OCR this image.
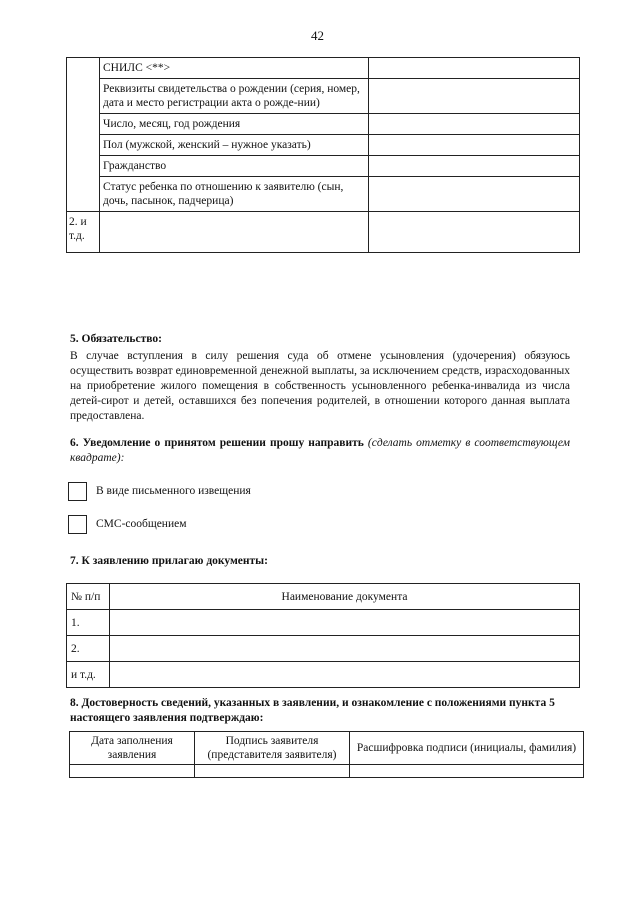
42
	СНИЛС <**>	
	Реквизиты свидетельства о рождении (серия, номер, дата и место регистрации акта о рожде-нии)	
	Число, месяц, год рождения	
	Пол (мужской, женский – нужное указать)	
	Гражданство	
	Статус ребенка по отношению к заявителю (сын, дочь, пасынок, падчерица)	
2. и т.д.		
5. Обязательство:
В случае вступления в силу решения суда об отмене усыновления (удочерения) обязуюсь осуществить возврат единовременной денежной выплаты, за исключением средств, израсходованных на приобретение жилого помещения в собственность усыновленного ребенка-инвалида из числа детей-сирот и детей, оставшихся без попечения родителей, в отношении которого данная выплата предоставлена.
6. Уведомление о принятом решении прошу направить (сделать отметку в соответствующем квадрате):
В виде письменного извещения
СМС-сообщением
7. К заявлению прилагаю документы:
№ п/п	Наименование документа
1.	
2.	
и т.д.	
8. Достоверность сведений, указанных в заявлении, и ознакомление с положениями пункта 5 настоящего заявления подтверждаю:
Дата заполнения заявления	Подпись заявителя (представителя заявителя)	Расшифровка подписи (инициалы, фамилия)
